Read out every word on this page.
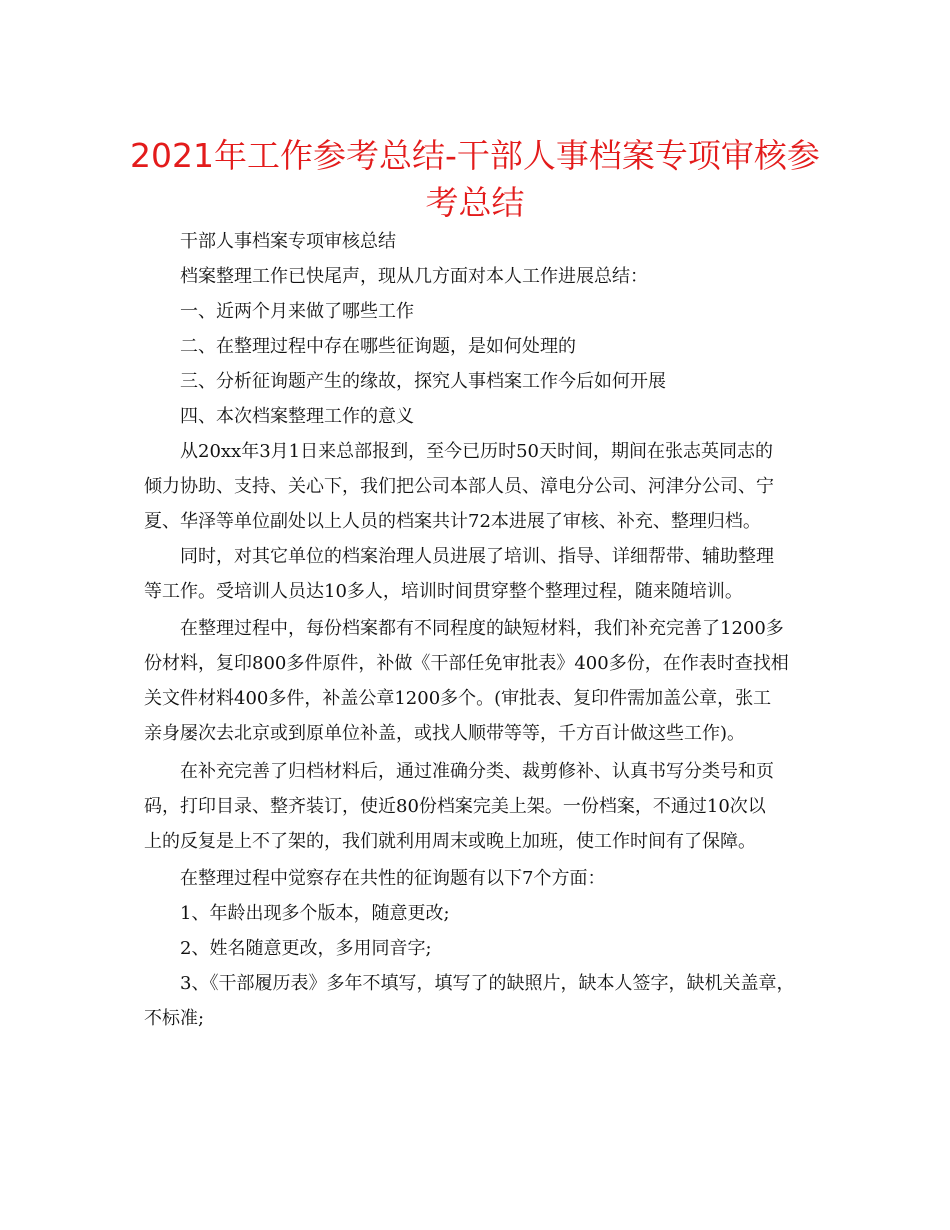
2021年工作参考总结-干部人事档案专项审核参
考总结
干部人事档案专项审核总结
档案整理工作已快尾声，现从几方面对本人工作进展总结：
一、近两个月来做了哪些工作
二、在整理过程中存在哪些征询题，是如何处理的
三、分析征询题产生的缘故，探究人事档案工作今后如何开展
四、本次档案整理工作的意义
从20xx年3月1日来总部报到，至今已历时50天时间，期间在张志英同志的
倾力协助、支持、关心下，我们把公司本部人员、漳电分公司、河津分公司、宁
夏、华泽等单位副处以上人员的档案共计72本进展了审核、补充、整理归档。
同时，对其它单位的档案治理人员进展了培训、指导、详细帮带、辅助整理
等工作。受培训人员达10多人，培训时间贯穿整个整理过程，随来随培训。
在整理过程中，每份档案都有不同程度的缺短材料，我们补充完善了1200多
份材料，复印800多件原件，补做《干部任免审批表》400多份，在作表时查找相
关文件材料400多件，补盖公章1200多个。(审批表、复印件需加盖公章，张工
亲身屡次去北京或到原单位补盖，或找人顺带等等，千方百计做这些工作)。
在补充完善了归档材料后，通过准确分类、裁剪修补、认真书写分类号和页
码，打印目录、整齐装订，使近80份档案完美上架。一份档案，不通过10次以
上的反复是上不了架的，我们就利用周末或晚上加班，使工作时间有了保障。
在整理过程中觉察存在共性的征询题有以下7个方面：
1、年龄出现多个版本，随意更改;
2、姓名随意更改，多用同音字;
3、《干部履历表》多年不填写，填写了的缺照片，缺本人签字，缺机关盖章，
不标准;
